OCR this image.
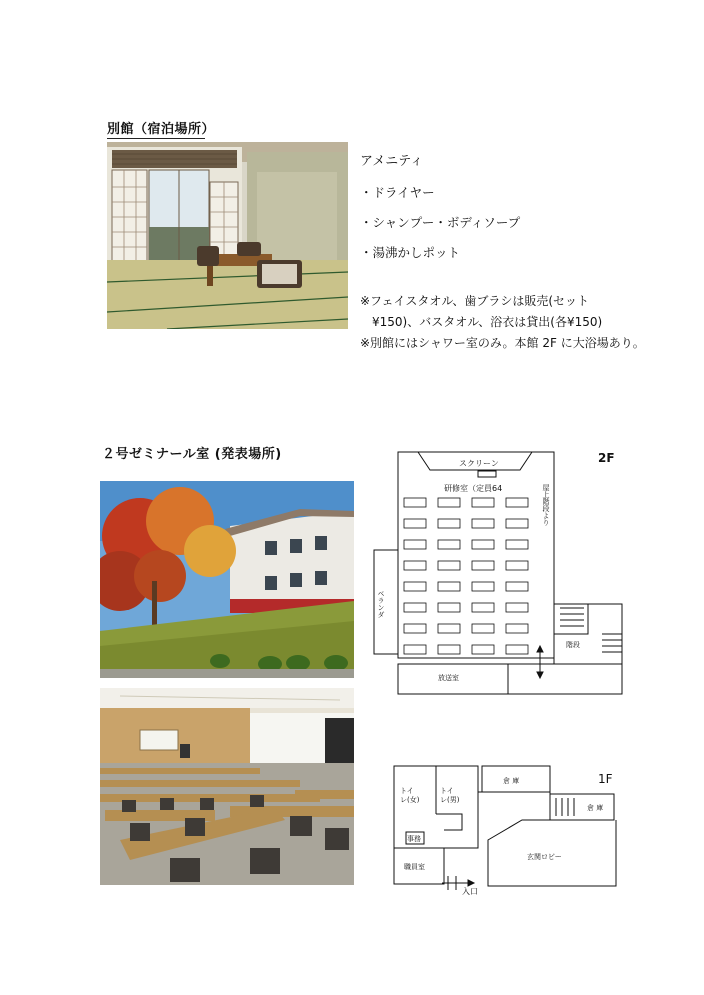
別館（宿泊場所）
アメニティ
・ドライヤー
・シャンプー・ボディソープ
・湯沸かしポット
※フェイスタオル、歯ブラシは販売(セット
　¥150)、バスタオル、浴衣は貸出(各¥150)
※別館にはシャワー室のみ。本館 2F に大浴場あり。
２号ゼミナール室 (発表場所)
スクリーン
研修室（定員64
2F
ベランダ
屋上階段より
階段
放送室
トイレ(女)
トイレ(男)
倉 庫	1F
倉 庫
事務
職員室
玄関ロビー
入口
